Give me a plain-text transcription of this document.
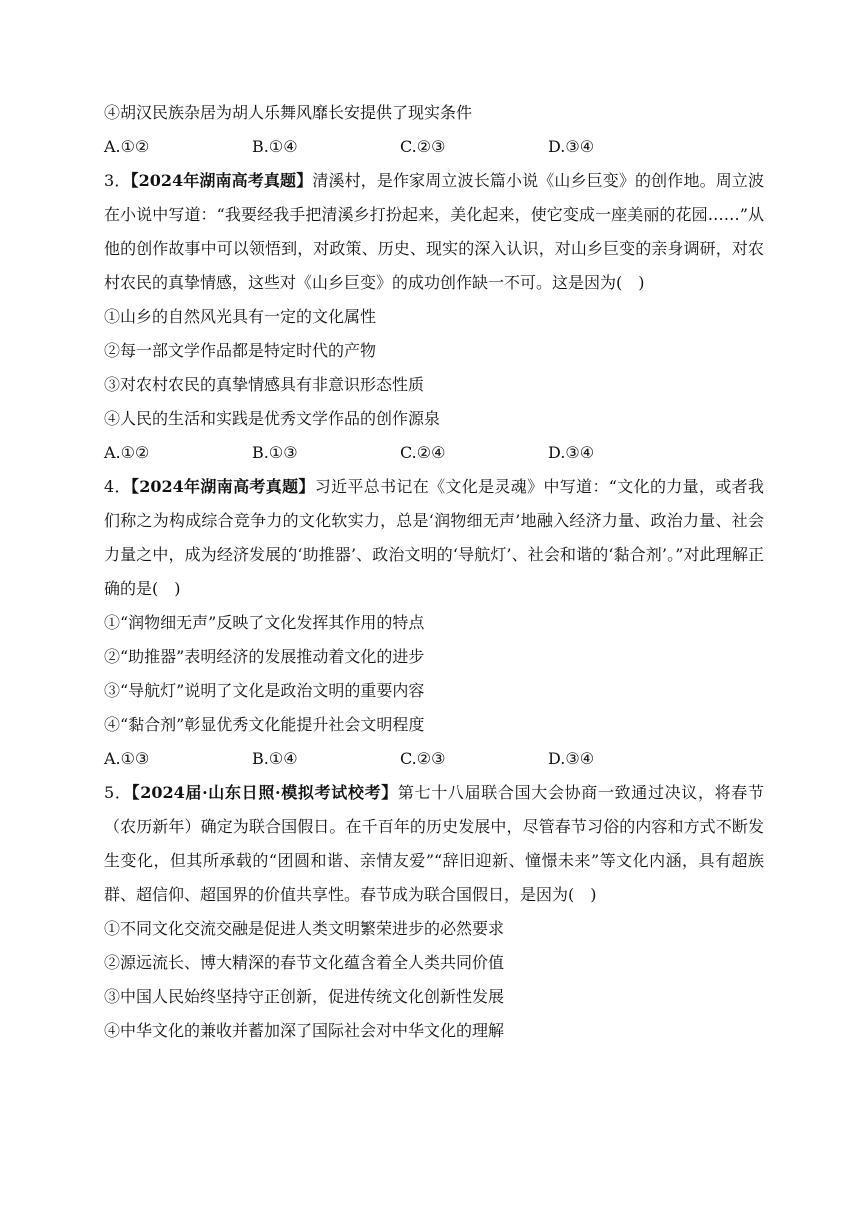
④胡汉民族杂居为胡人乐舞风靡长安提供了现实条件
A.①②	B.①④	C.②③	D.③④
3．【2024年湖南高考真题】清溪村，是作家周立波长篇小说《山乡巨变》的创作地。周立波在小说中写道：“我要经我手把清溪乡打扮起来，美化起来，使它变成一座美丽的花园……”从他的创作故事中可以领悟到，对政策、历史、现实的深入认识，对山乡巨变的亲身调研，对农村农民的真挚情感，这些对《山乡巨变》的成功创作缺一不可。这是因为(　)
①山乡的自然风光具有一定的文化属性
②每一部文学作品都是特定时代的产物
③对农村农民的真挚情感具有非意识形态性质
④人民的生活和实践是优秀文学作品的创作源泉
A.①②	B.①③	C.②④	D.③④
4．【2024年湖南高考真题】习近平总书记在《文化是灵魂》中写道：“文化的力量，或者我们称之为构成综合竞争力的文化软实力，总是‘润物细无声’地融入经济力量、政治力量、社会力量之中，成为经济发展的‘助推器’、政治文明的‘导航灯’、社会和谐的‘黏合剂’。”对此理解正确的是(　)
①“润物细无声”反映了文化发挥其作用的特点
②“助推器”表明经济的发展推动着文化的进步
③“导航灯”说明了文化是政治文明的重要内容
④“黏合剂”彰显优秀文化能提升社会文明程度
A.①③	B.①④	C.②③	D.③④
5．【2024届·山东日照·模拟考试校考】第七十八届联合国大会协商一致通过决议，将春节（农历新年）确定为联合国假日。在千百年的历史发展中，尽管春节习俗的内容和方式不断发生变化，但其所承载的“团圆和谐、亲情友爱”“辞旧迎新、憧憬未来”等文化内涵，具有超族群、超信仰、超国界的价值共享性。春节成为联合国假日，是因为(　)
①不同文化交流交融是促进人类文明繁荣进步的必然要求
②源远流长、博大精深的春节文化蕴含着全人类共同价值
③中国人民始终坚持守正创新，促进传统文化创新性发展
④中华文化的兼收并蓄加深了国际社会对中华文化的理解
